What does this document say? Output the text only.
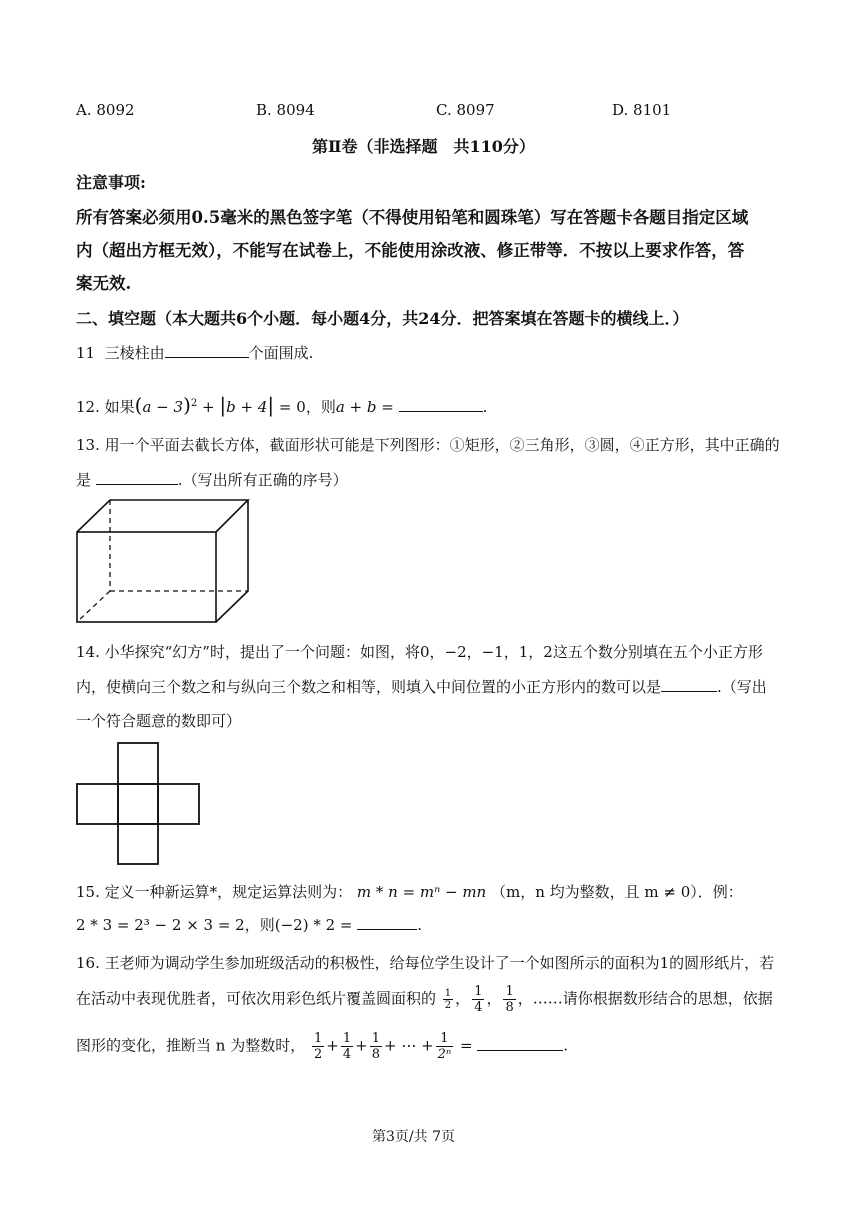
A. 8092	B. 8094	C. 8097	D. 8101
第Ⅱ卷（非选择题　共110分）
注意事项:
所有答案必须用0.5毫米的黑色签字笔（不得使用铅笔和圆珠笔）写在答题卡各题目指定区域
内（超出方框无效），不能写在试卷上，不能使用涂改液、修正带等．不按以上要求作答，答
案无效.
二、填空题（本大题共6个小题．每小题4分，共24分．把答案填在答题卡的横线上．）
11 三棱柱由	个面围成.
12. 如果$(a - 3)^2 + |b + 4| = 0$，则a + b =	.
13. 用一个平面去截长方体，截面形状可能是下列图形：①矩形，②三角形，③圆，④正方形，其中正确的
是	.（写出所有正确的序号）
14. 小华探究“幻方”时，提出了一个问题：如图，将0，−2，−1，1，2这五个数分别填在五个小正方形
内，使横向三个数之和与纵向三个数之和相等，则填入中间位置的小正方形内的数可以是	.（写出
一个符合题意的数即可）
15. 定义一种新运算*，规定运算法则为： m * n = mⁿ − mn （m，n 均为整数，且 m ≠ 0）．例：
2 * 3 = 2³ − 2 × 3 = 2，则(−2) * 2 =	.
16. 王老师为调动学生参加班级活动的积极性，给每位学生设计了一个如图所示的面积为1的圆形纸片，若
在活动中表现优胜者，可依次用彩色纸片覆盖圆面积的 $\frac{1}{2}$ ， $\frac{1}{4}$ ， $\frac{1}{8}$ ，……请你根据数形结合的思想，依据
图形的变化，推断当 n 为整数时， $\frac{1}{2} + \frac{1}{4} + \frac{1}{8}$ + ⋯ + $\frac{1}{\text{2ⁿ}}$ =	.
第3页/共 7页
